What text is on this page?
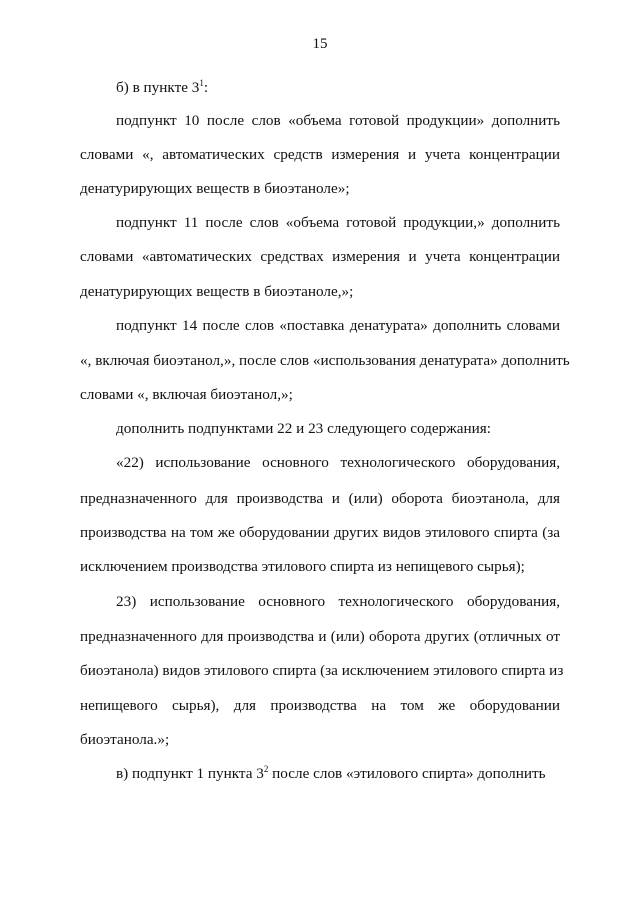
15
б) в пункте $3^1$:
подпункт 10 после слов «объема готовой продукции» дополнить
словами «, автоматических средств измерения и учета концентрации
денатурирующих веществ в биоэтаноле»;
подпункт 11 после слов «объема готовой продукции,» дополнить
словами «автоматических средствах измерения и учета концентрации
денатурирующих веществ в биоэтаноле,»;
подпункт 14 после слов «поставка денатурата» дополнить словами
«, включая биоэтанол,», после слов «использования денатурата» дополнить
словами «, включая биоэтанол,»;
дополнить подпунктами 22 и 23 следующего содержания:
«22) использование основного технологического оборудования,
предназначенного для производства и (или) оборота биоэтанола, для
производства на том же оборудовании других видов этилового спирта (за
исключением производства этилового спирта из непищевого сырья);
23) использование основного технологического оборудования,
предназначенного для производства и (или) оборота других (отличных от
биоэтанола) видов этилового спирта (за исключением этилового спирта из
непищевого сырья), для производства на том же оборудовании
биоэтанола.»;
в) подпункт 1 пункта $3^2$ после слов «этилового спирта» дополнить
